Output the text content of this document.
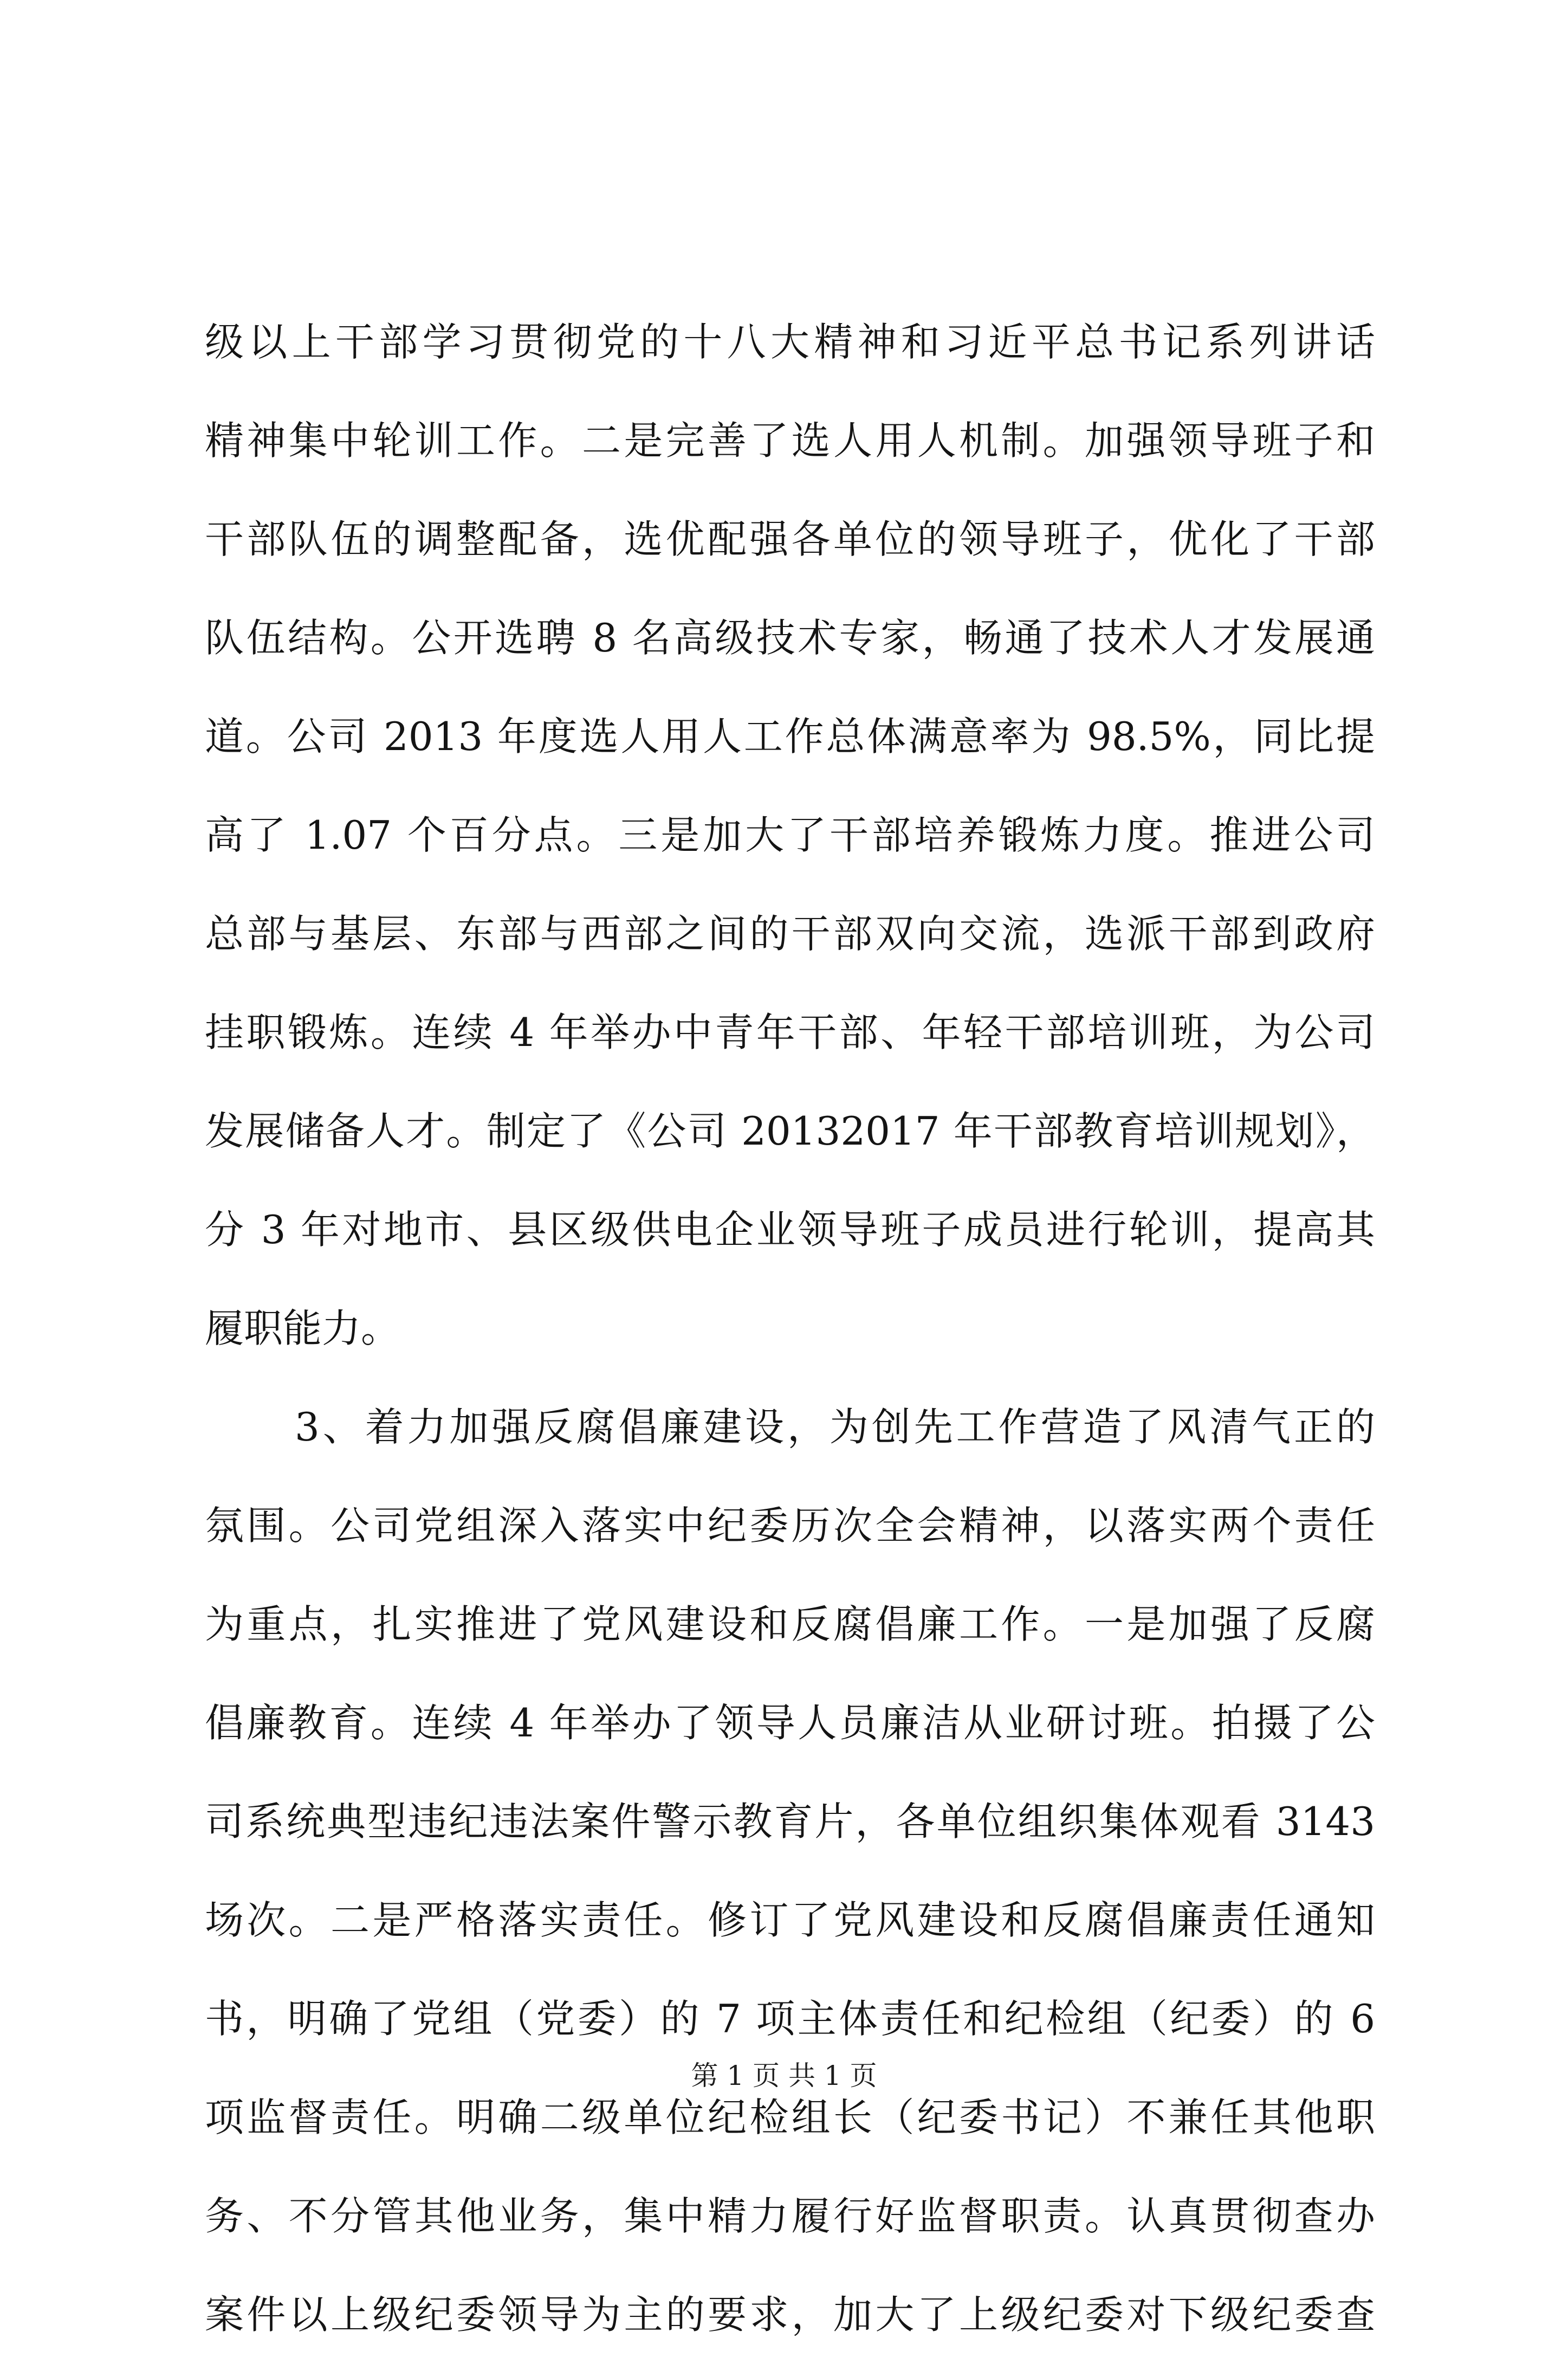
级以上干部学习贯彻党的十八大精神和习近平总书记系列讲话
精神集中轮训工作。二是完善了选人用人机制。加强领导班子和
干部队伍的调整配备，选优配强各单位的领导班子，优化了干部
队伍结构。公开选聘 8 名高级技术专家，畅通了技术人才发展通
道。公司 2013 年度选人用人工作总体满意率为 98.5%，同比提
高了 1.07 个百分点。三是加大了干部培养锻炼力度。推进公司
总部与基层、东部与西部之间的干部双向交流，选派干部到政府
挂职锻炼。连续 4 年举办中青年干部、年轻干部培训班，为公司
发展储备人才。制定了《公司 20132017 年干部教育培训规划》，
分 3 年对地市、县区级供电企业领导班子成员进行轮训，提高其
履职能力。
3、着力加强反腐倡廉建设，为创先工作营造了风清气正的
氛围。公司党组深入落实中纪委历次全会精神，以落实两个责任
为重点，扎实推进了党风建设和反腐倡廉工作。一是加强了反腐
倡廉教育。连续 4 年举办了领导人员廉洁从业研讨班。拍摄了公
司系统典型违纪违法案件警示教育片，各单位组织集体观看 3143
场次。二是严格落实责任。修订了党风建设和反腐倡廉责任通知
书，明确了党组（党委）的 7 项主体责任和纪检组（纪委）的 6
项监督责任。明确二级单位纪检组长（纪委书记）不兼任其他职
务、不分管其他业务，集中精力履行好监督职责。认真贯彻查办
案件以上级纪委领导为主的要求，加大了上级纪委对下级纪委查
第 1 页 共 1 页
